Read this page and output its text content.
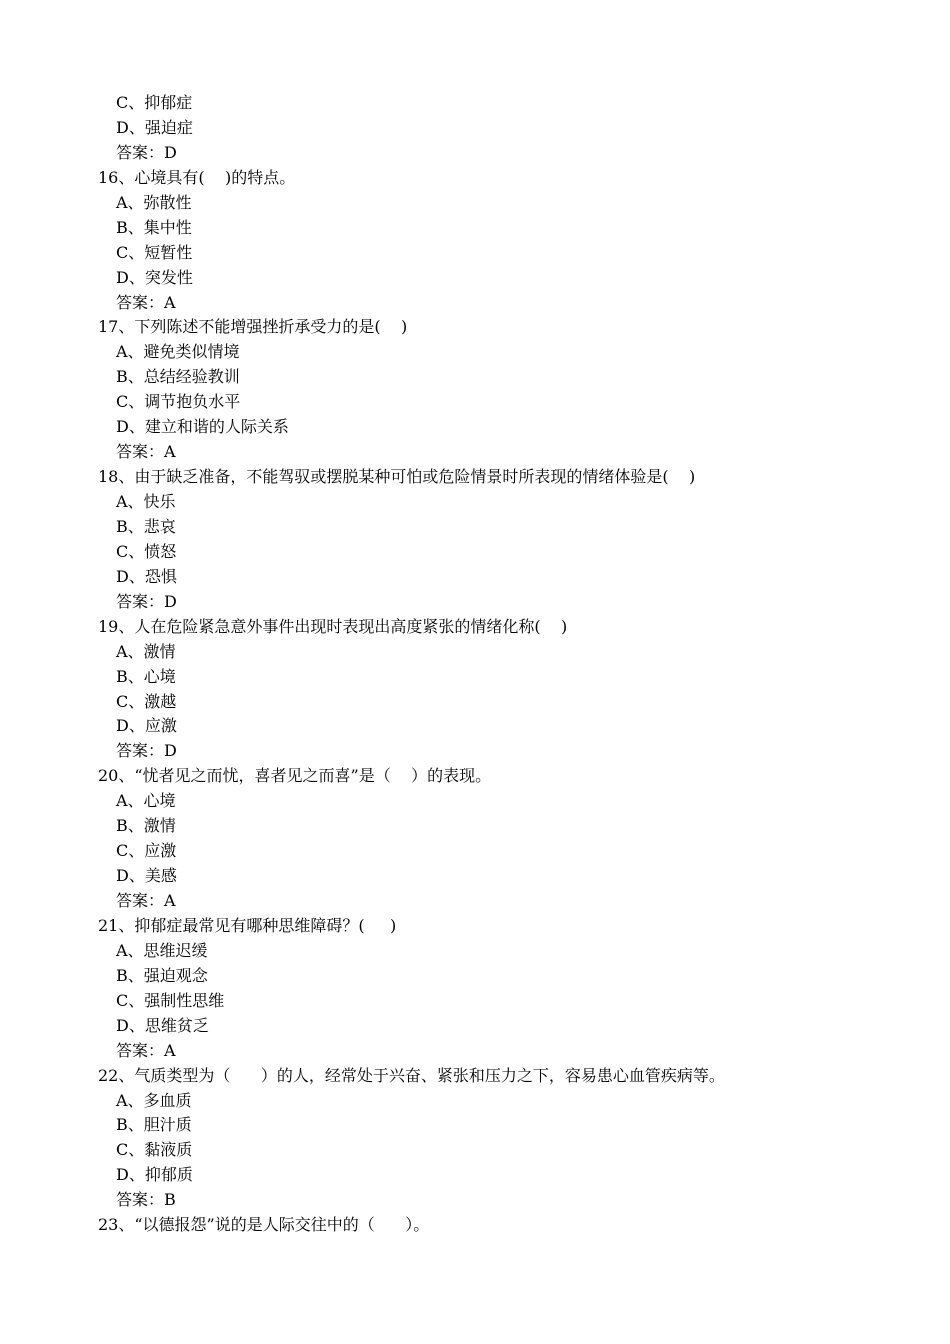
C、抑郁症
D、强迫症
答案：D
16、心境具有(    )的特点。
A、弥散性
B、集中性
C、短暂性
D、突发性
答案：A
17、下列陈述不能增强挫折承受力的是(    )
A、避免类似情境
B、总结经验教训
C、调节抱负水平
D、建立和谐的人际关系
答案：A
18、由于缺乏准备，不能驾驭或摆脱某种可怕或危险情景时所表现的情绪体验是(    )
A、快乐
B、悲哀
C、愤怒
D、恐惧
答案：D
19、人在危险紧急意外事件出现时表现出高度紧张的情绪化称(    )
A、激情
B、心境
C、激越
D、应激
答案：D
20、“忧者见之而忧，喜者见之而喜”是（    ）的表现。
A、心境
B、激情
C、应激
D、美感
答案：A
21、抑郁症最常见有哪种思维障碍？(     )
A、思维迟缓
B、强迫观念
C、强制性思维
D、思维贫乏
答案：A
22、气质类型为（      ）的人，经常处于兴奋、紧张和压力之下，容易患心血管疾病等。
A、多血质
B、胆汁质
C、黏液质
D、抑郁质
答案：B
23、“以德报怨”说的是人际交往中的（      ）。
